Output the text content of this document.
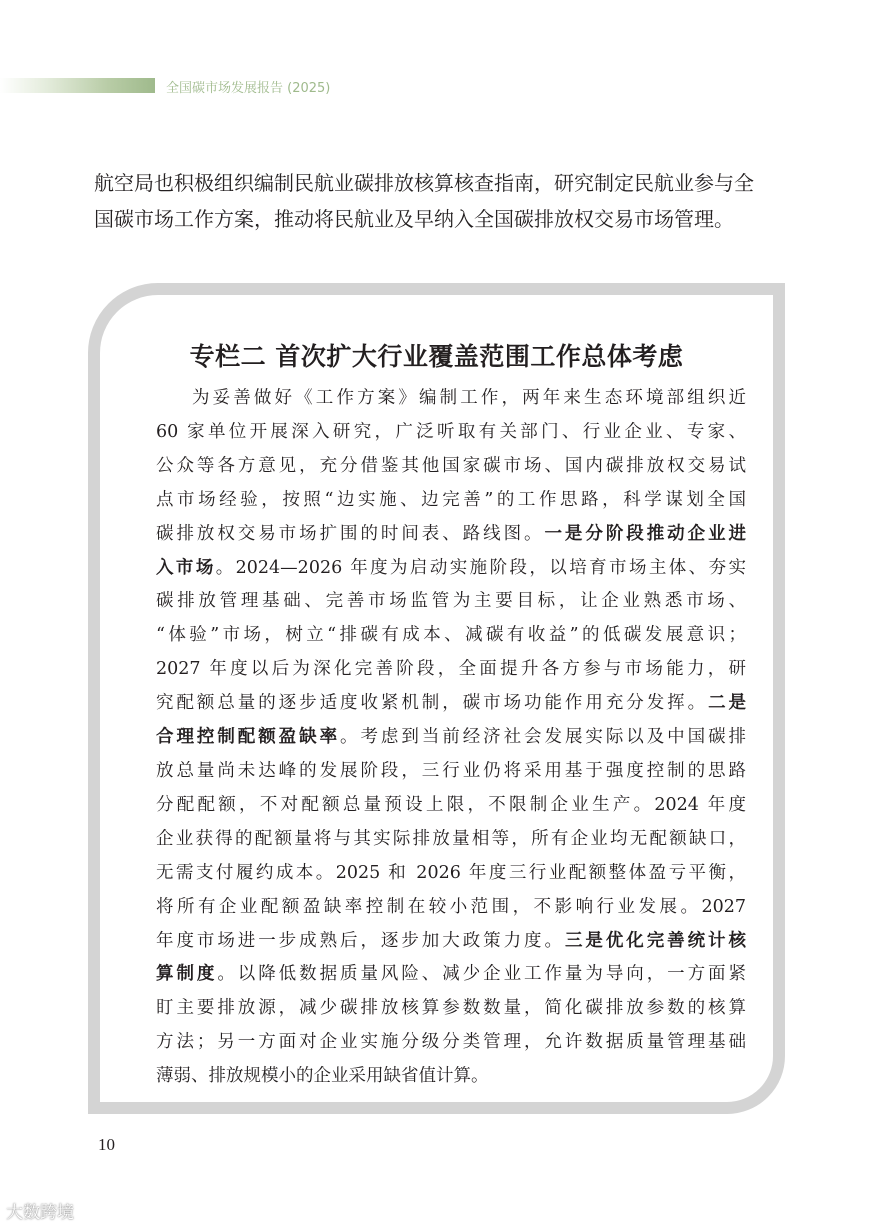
全国碳市场发展报告 (2025)
航空局也积极组织编制民航业碳排放核算核查指南，研究制定民航业参与全
国碳市场工作方案，推动将民航业及早纳入全国碳排放权交易市场管理。
专栏二 首次扩大行业覆盖范围工作总体考虑
为妥善做好《工作方案》编制工作，两年来生态环境部组织近
60 家单位开展深入研究，广泛听取有关部门、行业企业、专家、
公众等各方意见，充分借鉴其他国家碳市场、国内碳排放权交易试
点市场经验，按照“边实施、边完善”的工作思路，科学谋划全国
碳排放权交易市场扩围的时间表、路线图。一是分阶段推动企业进
入市场。2024—2026 年度为启动实施阶段，以培育市场主体、夯实
碳排放管理基础、完善市场监管为主要目标，让企业熟悉市场、
“体验”市场，树立“排碳有成本、减碳有收益”的低碳发展意识；
2027 年度以后为深化完善阶段，全面提升各方参与市场能力，研
究配额总量的逐步适度收紧机制，碳市场功能作用充分发挥。二是
合理控制配额盈缺率。考虑到当前经济社会发展实际以及中国碳排
放总量尚未达峰的发展阶段，三行业仍将采用基于强度控制的思路
分配配额，不对配额总量预设上限，不限制企业生产。2024 年度
企业获得的配额量将与其实际排放量相等，所有企业均无配额缺口，
无需支付履约成本。2025 和 2026 年度三行业配额整体盈亏平衡，
将所有企业配额盈缺率控制在较小范围，不影响行业发展。2027
年度市场进一步成熟后，逐步加大政策力度。三是优化完善统计核
算制度。以降低数据质量风险、减少企业工作量为导向，一方面紧
盯主要排放源，减少碳排放核算参数数量，简化碳排放参数的核算
方法；另一方面对企业实施分级分类管理，允许数据质量管理基础
薄弱、排放规模小的企业采用缺省值计算。
10
大数跨境
